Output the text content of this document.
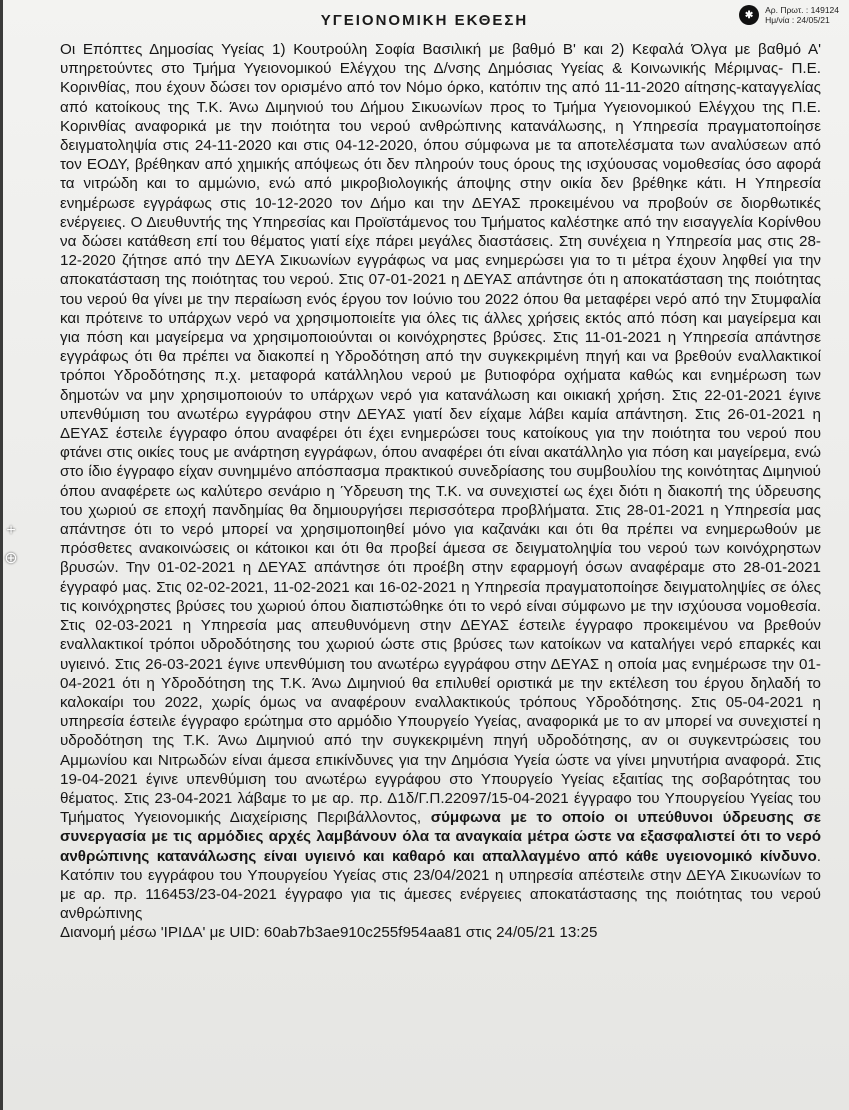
✱	Αρ. Πρωτ. : 149124
Ημ/νία : 24/05/21
ΥΓΕΙΟΝΟΜΙΚΗ ΕΚΘΕΣΗ

Οι Επόπτες Δημοσίας Υγείας 1) Κουτρούλη Σοφία Βασιλική με βαθμό Β' και 2) Κεφαλά Όλγα με βαθμό Α' υπηρετούντες στο Τμήμα Υγειονομικού Ελέγχου της Δ/νσης Δημόσιας Υγείας & Κοινωνικής Μέριμνας- Π.Ε. Κορινθίας, που έχουν δώσει τον ορισμένο από τον Νόμο όρκο, κατόπιν της από 11-11-2020 αίτησης-καταγγελίας από κατοίκους της Τ.Κ. Άνω Διμηνιού του Δήμου Σικυωνίων προς το Τμήμα Υγειονομικού Ελέγχου της Π.Ε. Κορινθίας αναφορικά με την ποιότητα του νερού ανθρώπινης κατανάλωσης, η Υπηρεσία πραγματοποίησε δειγματοληψία στις 24-11-2020 και στις 04-12-2020, όπου σύμφωνα με τα αποτελέσματα των αναλύσεων από τον ΕΟΔΥ, βρέθηκαν από χημικής απόψεως ότι δεν πληρούν τους όρους της ισχύουσας νομοθεσίας όσο αφορά τα νιτρώδη και το αμμώνιο, ενώ από μικροβιολογικής άποψης στην οικία δεν βρέθηκε κάτι. Η Υπηρεσία ενημέρωσε εγγράφως στις 10-12-2020 τον Δήμο και την ΔΕΥΑΣ προκειμένου να προβούν σε διορθωτικές ενέργειες. Ο Διευθυντής της Υπηρεσίας και Προϊστάμενος του Τμήματος καλέστηκε από την εισαγγελία Κορίνθου να δώσει κατάθεση επί του θέματος γιατί είχε πάρει μεγάλες διαστάσεις. Στη συνέχεια η Υπηρεσία μας στις 28-12-2020 ζήτησε από την ΔΕΥΑ Σικυωνίων εγγράφως να μας ενημερώσει για το τι μέτρα έχουν ληφθεί για την αποκατάσταση της ποιότητας του νερού. Στις 07-01-2021 η ΔΕΥΑΣ απάντησε ότι η αποκατάσταση της ποιότητας του νερού θα γίνει με την περαίωση ενός έργου τον Ιούνιο του 2022 όπου θα μεταφέρει νερό από την Στυμφαλία και πρότεινε το υπάρχων νερό να χρησιμοποιείτε για όλες τις άλλες χρήσεις εκτός από πόση και μαγείρεμα και για πόση και μαγείρεμα να χρησιμοποιούνται οι κοινόχρηστες βρύσες. Στις 11-01-2021 η Υπηρεσία απάντησε εγγράφως ότι θα πρέπει να διακοπεί η Υδροδότηση από την συγκεκριμένη πηγή και να βρεθούν εναλλακτικοί τρόποι Υδροδότησης π.χ. μεταφορά κατάλληλου νερού με βυτιοφόρα οχήματα καθώς και ενημέρωση των δημοτών να μην χρησιμοποιούν το υπάρχων νερό για κατανάλωση και οικιακή χρήση. Στις 22-01-2021 έγινε υπενθύμιση του ανωτέρω εγγράφου στην ΔΕΥΑΣ γιατί δεν είχαμε λάβει καμία απάντηση. Στις 26-01-2021 η ΔΕΥΑΣ έστειλε έγγραφο όπου αναφέρει ότι έχει ενημερώσει τους κατοίκους για την ποιότητα του νερού που φτάνει στις οικίες τους με ανάρτηση εγγράφων, όπου αναφέρει ότι είναι ακατάλληλο για πόση και μαγείρεμα, ενώ στο ίδιο έγγραφο είχαν συνημμένο απόσπασμα πρακτικού συνεδρίασης του συμβουλίου της κοινότητας Διμηνιού όπου αναφέρετε ως καλύτερο σενάριο η Ύδρευση της Τ.Κ. να συνεχιστεί ως έχει διότι η διακοπή της ύδρευσης του χωριού σε εποχή πανδημίας θα δημιουργήσει περισσότερα προβλήματα. Στις 28-01-2021 η Υπηρεσία μας απάντησε ότι το νερό μπορεί να χρησιμοποιηθεί μόνο για καζανάκι και ότι θα πρέπει να ενημερωθούν με πρόσθετες ανακοινώσεις οι κάτοικοι και ότι θα προβεί άμεσα σε δειγματοληψία του νερού των κοινόχρηστων βρυσών. Την 01-02-2021 η ΔΕΥΑΣ απάντησε ότι προέβη στην εφαρμογή όσων αναφέραμε στο 28-01-2021 έγγραφό μας. Στις 02-02-2021, 11-02-2021 και 16-02-2021 η Υπηρεσία πραγματοποίησε δειγματοληψίες σε όλες τις κοινόχρηστες βρύσες του χωριού όπου διαπιστώθηκε ότι το νερό είναι σύμφωνο με την ισχύουσα νομοθεσία. Στις 02-03-2021 η Υπηρεσία μας απευθυνόμενη στην ΔΕΥΑΣ έστειλε έγγραφο προκειμένου να βρεθούν εναλλακτικοί τρόποι υδροδότησης του χωριού ώστε στις βρύσες των κατοίκων να καταλήγει νερό επαρκές και υγιεινό. Στις 26-03-2021 έγινε υπενθύμιση του ανωτέρω εγγράφου στην ΔΕΥΑΣ η οποία μας ενημέρωσε την 01-04-2021 ότι η Υδροδότηση της Τ.Κ. Άνω Διμηνιού θα επιλυθεί οριστικά με την εκτέλεση του έργου δηλαδή το καλοκαίρι του 2022, χωρίς όμως να αναφέρουν εναλλακτικούς τρόπους Υδροδότησης. Στις 05-04-2021 η υπηρεσία έστειλε έγγραφο ερώτημα στο αρμόδιο Υπουργείο Υγείας, αναφορικά με το αν μπορεί να συνεχιστεί η υδροδότηση της Τ.Κ. Άνω Διμηνιού από την συγκεκριμένη πηγή υδροδότησης, αν οι συγκεντρώσεις του Αμμωνίου και Νιτρωδών είναι άμεσα επικίνδυνες για την Δημόσια Υγεία ώστε να γίνει μηνυτήρια αναφορά. Στις 19-04-2021 έγινε υπενθύμιση του ανωτέρω εγγράφου στο Υπουργείο Υγείας εξαιτίας της σοβαρότητας του θέματος. Στις 23-04-2021 λάβαμε το με αρ. πρ. Δ1δ/Γ.Π.22097/15-04-2021 έγγραφο του Υπουργείου Υγείας του Τμήματος Υγειονομικής Διαχείρισης Περιβάλλοντος, σύμφωνα με το οποίο οι υπεύθυνοι ύδρευσης σε συνεργασία με τις αρμόδιες αρχές λαμβάνουν όλα τα αναγκαία μέτρα ώστε να εξασφαλιστεί ότι το νερό ανθρώπινης κατανάλωσης είναι υγιεινό και καθαρό και απαλλαγμένο από κάθε υγειονομικό κίνδυνο. Κατόπιν του εγγράφου του Υπουργείου Υγείας στις 23/04/2021 η υπηρεσία απέστειλε στην ΔΕΥΑ Σικυωνίων το με αρ. πρ. 116453/23-04-2021 έγγραφο για τις άμεσες ενέργειες αποκατάστασης της ποιότητας του νερού ανθρώπινης

Διανομή μέσω 'ΙΡΙΔΑ' με UID: 60ab7b3ae910c255f954aa81 στις 24/05/21 13:25

+
⊕
